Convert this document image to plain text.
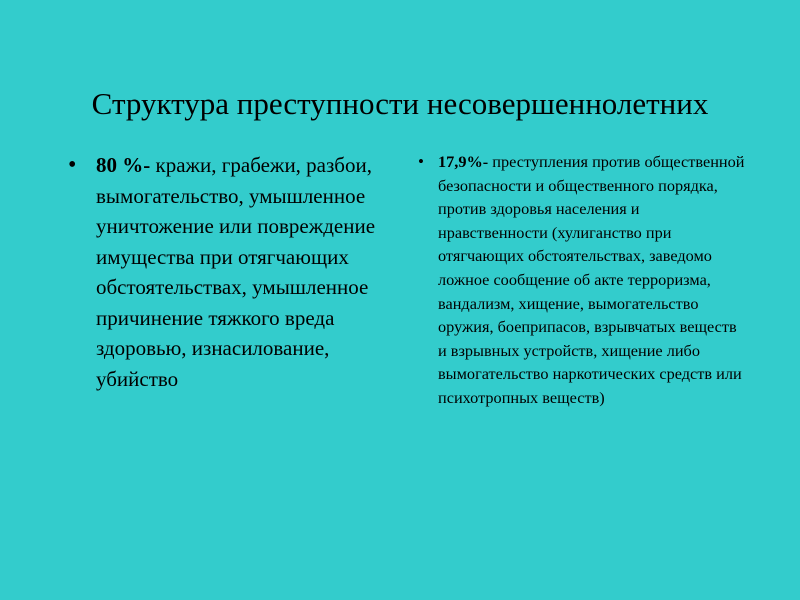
Структура преступности несовершеннолетних
• 80 %- кражи, грабежи, разбои, вымогательство, умышленное уничтожение или повреждение имущества при отягчающих обстоятельствах, умышленное причинение тяжкого вреда здоровью, изнасилование, убийство
• 17,9%- преступления против общественной безопасности и общественного порядка, против здоровья населения и нравственности (хулиганство при отягчающих обстоятельствах, заведомо ложное сообщение об акте терроризма, вандализм, хищение, вымогательство оружия, боеприпасов, взрывчатых веществ и взрывных устройств, хищение либо вымогательство наркотических средств или психотропных веществ)
